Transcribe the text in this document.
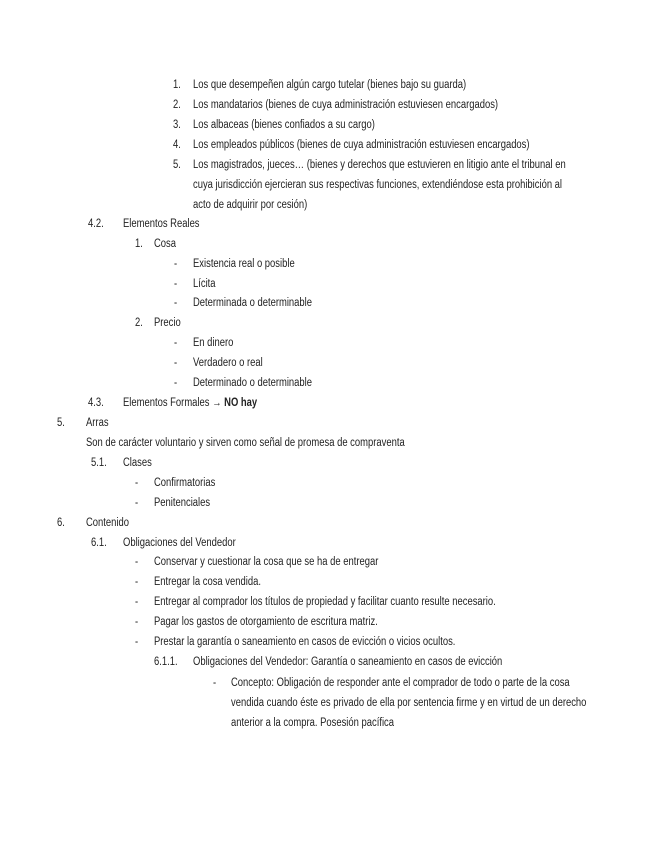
1. Los que desempeñen algún cargo tutelar (bienes bajo su guarda)
2. Los mandatarios (bienes de cuya administración estuviesen encargados)
3. Los albaceas (bienes confiados a su cargo)
4. Los empleados públicos (bienes de cuya administración estuviesen encargados)
5. Los magistrados, jueces… (bienes y derechos que estuvieren en litigio ante el tribunal en
cuya jurisdicción ejercieran sus respectivas funciones, extendiéndose esta prohibición al
acto de adquirir por cesión)
4.2. Elementos Reales
1. Cosa
- Existencia real o posible
- Lícita
- Determinada o determinable
2. Precio
- En dinero
- Verdadero o real
- Determinado o determinable
4.3. Elementos Formales → NO hay
5. Arras
Son de carácter voluntario y sirven como señal de promesa de compraventa
5.1. Clases
- Confirmatorias
- Penitenciales
6. Contenido
6.1. Obligaciones del Vendedor
- Conservar y cuestionar la cosa que se ha de entregar
- Entregar la cosa vendida.
- Entregar al comprador los títulos de propiedad y facilitar cuanto resulte necesario.
- Pagar los gastos de otorgamiento de escritura matriz.
- Prestar la garantía o saneamiento en casos de evicción o vicios ocultos.
6.1.1. Obligaciones del Vendedor: Garantía o saneamiento en casos de evicción
- Concepto: Obligación de responder ante el comprador de todo o parte de la cosa
vendida cuando éste es privado de ella por sentencia firme y en virtud de un derecho
anterior a la compra. Posesión pacífica
